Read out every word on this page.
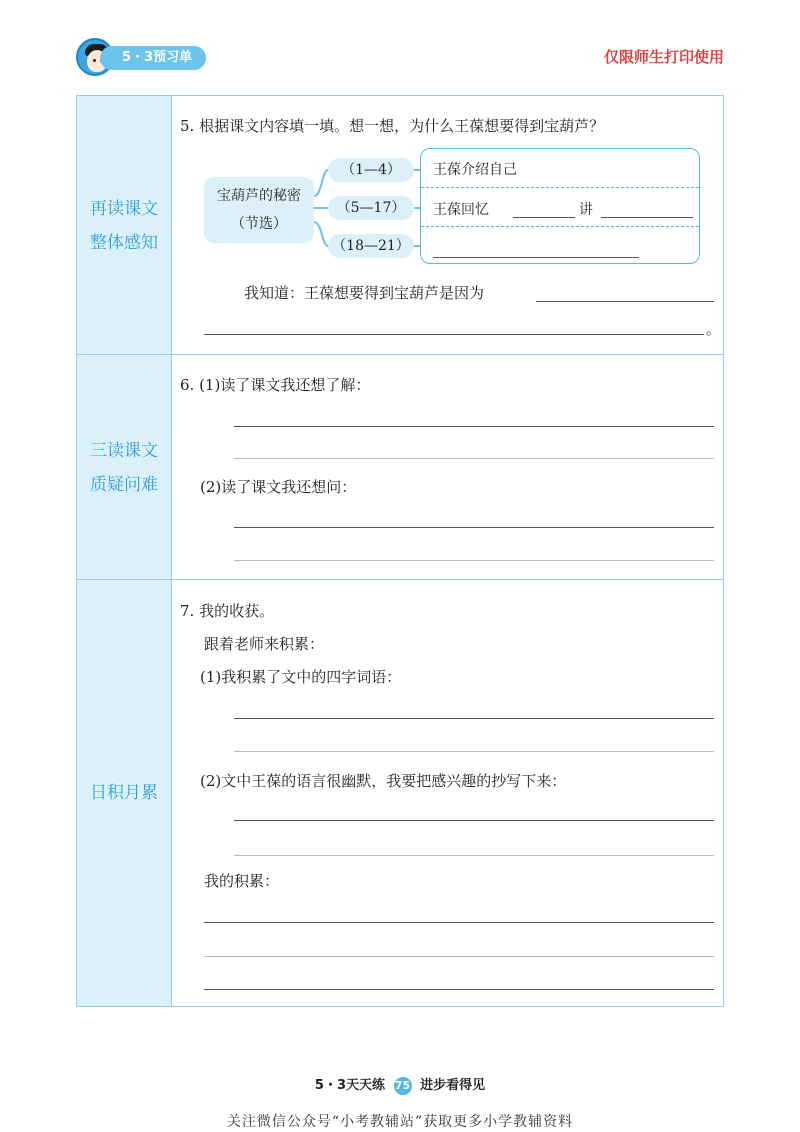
5・3预习单	仅限师生打印使用
再读课文
整体感知
三读课文
质疑问难
日积月累
5. 根据课文内容填一填。想一想，为什么王葆想要得到宝葫芦？
宝葫芦的秘密
（节选）
（1—4）
（5—17）
（18—21）
王葆介绍自己
王葆回忆	讲
我知道：王葆想要得到宝葫芦是因为
。
6. (1)读了课文我还想了解：
(2)读了课文我还想问：
7. 我的收获。
跟着老师来积累：
(1)我积累了文中的四字词语：
(2)文中王葆的语言很幽默，我要把感兴趣的抄写下来：
我的积累：
5・3天天练 75 进步看得见
关注微信公众号“小考教辅站”获取更多小学教辅资料
